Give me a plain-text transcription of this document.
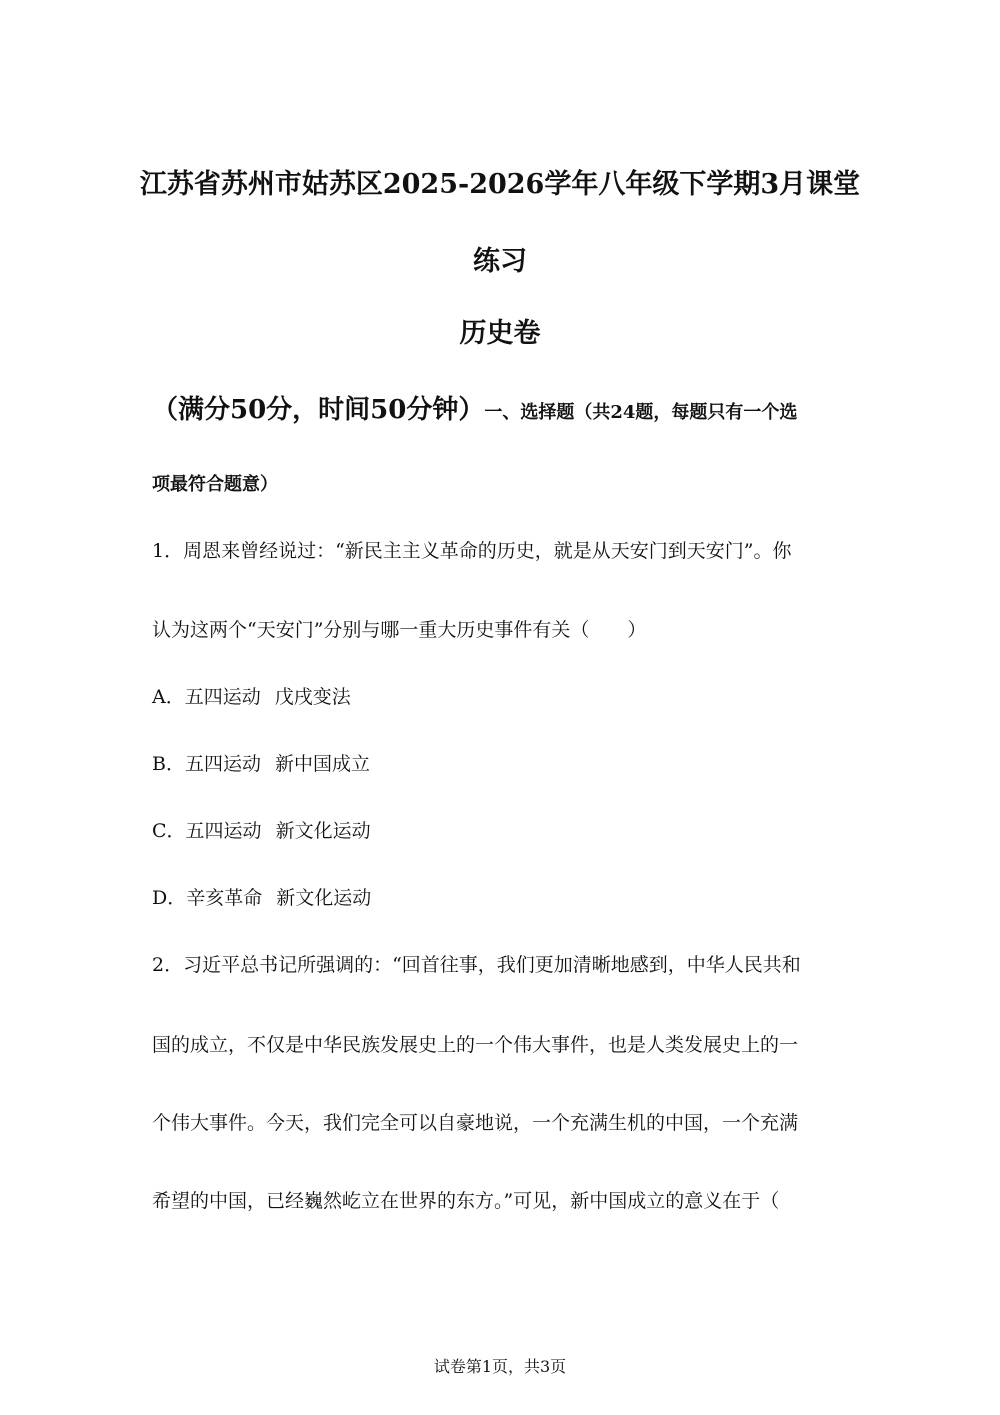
江苏省苏州市姑苏区2025-2026学年八年级下学期3月课堂
练习
历史卷
（满分50分，时间50分钟）一、选择题（共24题，每题只有一个选
项最符合题意）
1．周恩来曾经说过：“新民主主义革命的历史，就是从天安门到天安门”。你
认为这两个“天安门”分别与哪一重大历史事件有关（　　）
A．五四运动 戊戌变法
B．五四运动 新中国成立
C．五四运动 新文化运动
D．辛亥革命 新文化运动
2．习近平总书记所强调的：“回首往事，我们更加清晰地感到，中华人民共和
国的成立，不仅是中华民族发展史上的一个伟大事件，也是人类发展史上的一
个伟大事件。今天，我们完全可以自豪地说，一个充满生机的中国，一个充满
希望的中国，已经巍然屹立在世界的东方。”可见，新中国成立的意义在于（
试卷第1页，共3页
